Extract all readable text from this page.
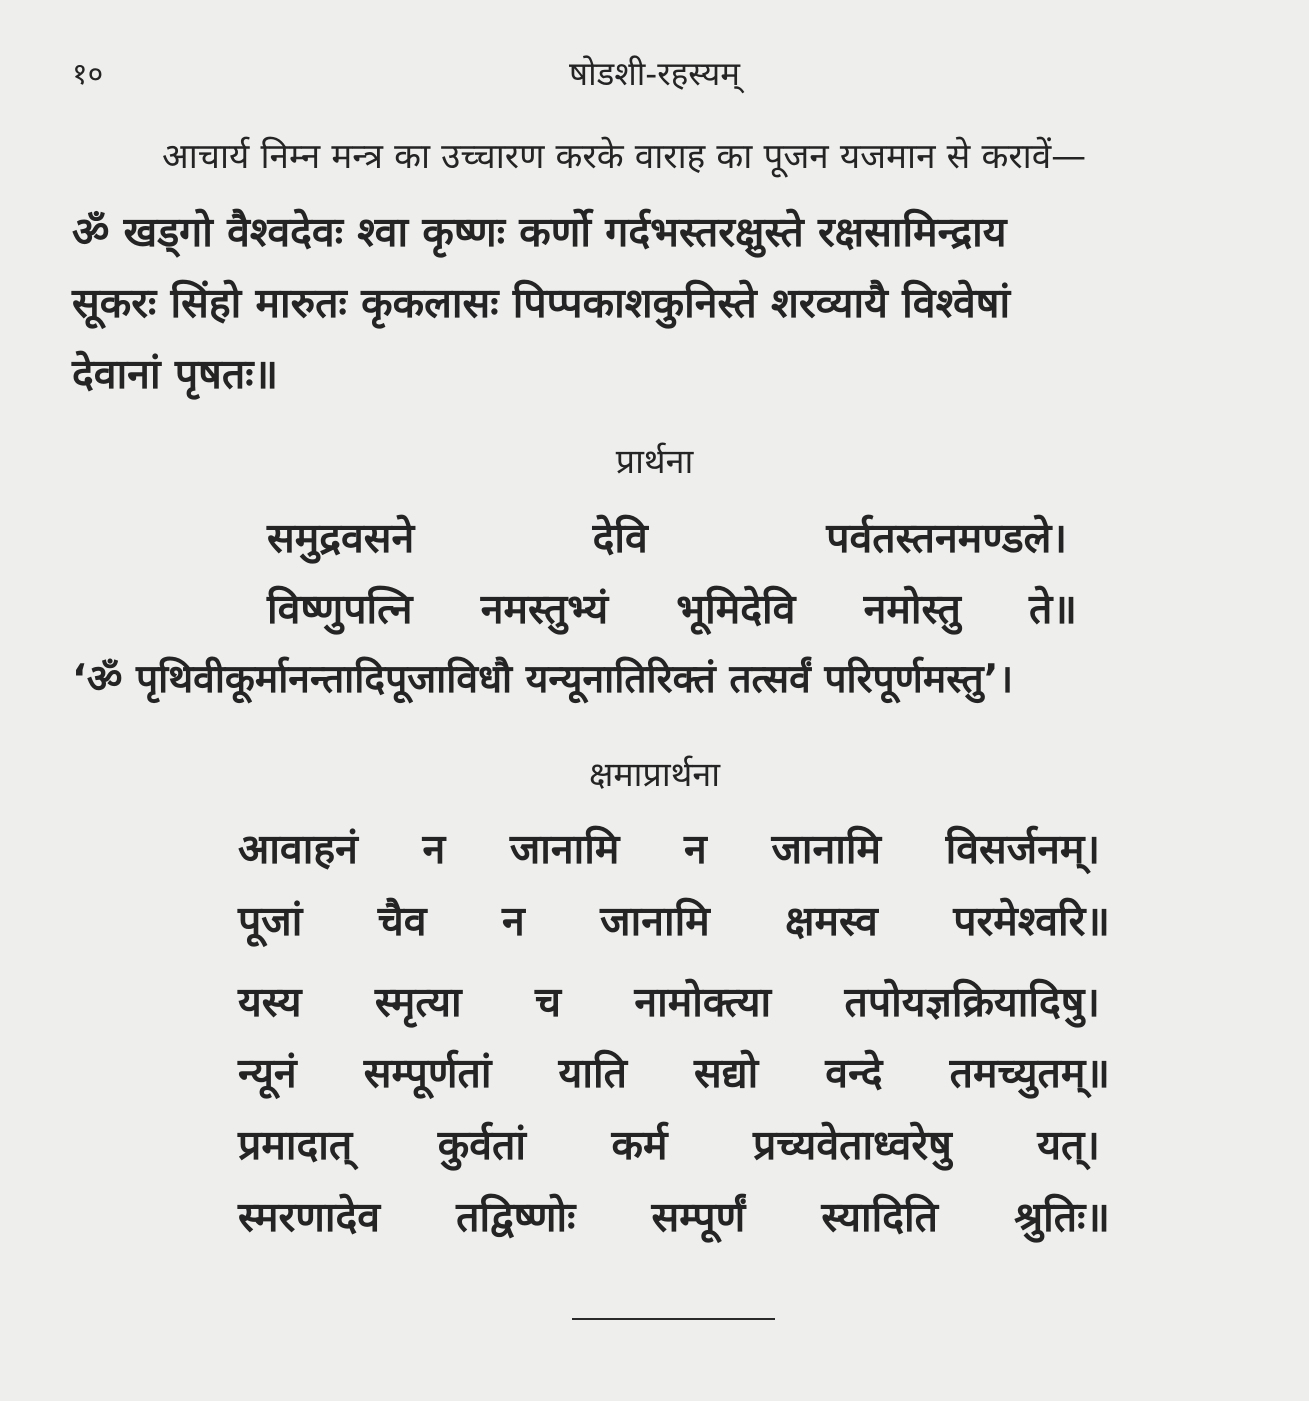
१०	षोडशी-रहस्यम्
आचार्य निम्न मन्त्र का उच्चारण करके वाराह का पूजन यजमान से करावें—
ॐ खड्गो वैश्वदेवः श्वा कृष्णः कर्णो गर्दभस्तरक्षुस्ते रक्षसामिन्द्राय
सूकरः सिंहो मारुतः कृकलासः पिप्पकाशकुनिस्ते शरव्यायै विश्वेषां
देवानां पृषतः॥
प्रार्थना
समुद्रवसने	देवि	पर्वतस्तनमण्डले।
विष्णुपत्नि नमस्तुभ्यं भूमिदेवि नमोस्तु ते॥
‘ॐ पृथिवीकूर्मानन्तादिपूजाविधौ यन्यूनातिरिक्तं तत्सर्वं परिपूर्णमस्तु’।
क्षमाप्रार्थना
आवाहनं न जानामि न जानामि विसर्जनम्।
पूजां चैव न जानामि क्षमस्व परमेश्वरि॥
यस्य स्मृत्या च नामोक्त्या तपोयज्ञक्रियादिषु।
न्यूनं सम्पूर्णतां याति सद्यो वन्दे तमच्युतम्॥
प्रमादात् कुर्वतां कर्म प्रच्यवेताध्वरेषु यत्।
स्मरणादेव तद्विष्णोः सम्पूर्णं स्यादिति श्रुतिः॥
